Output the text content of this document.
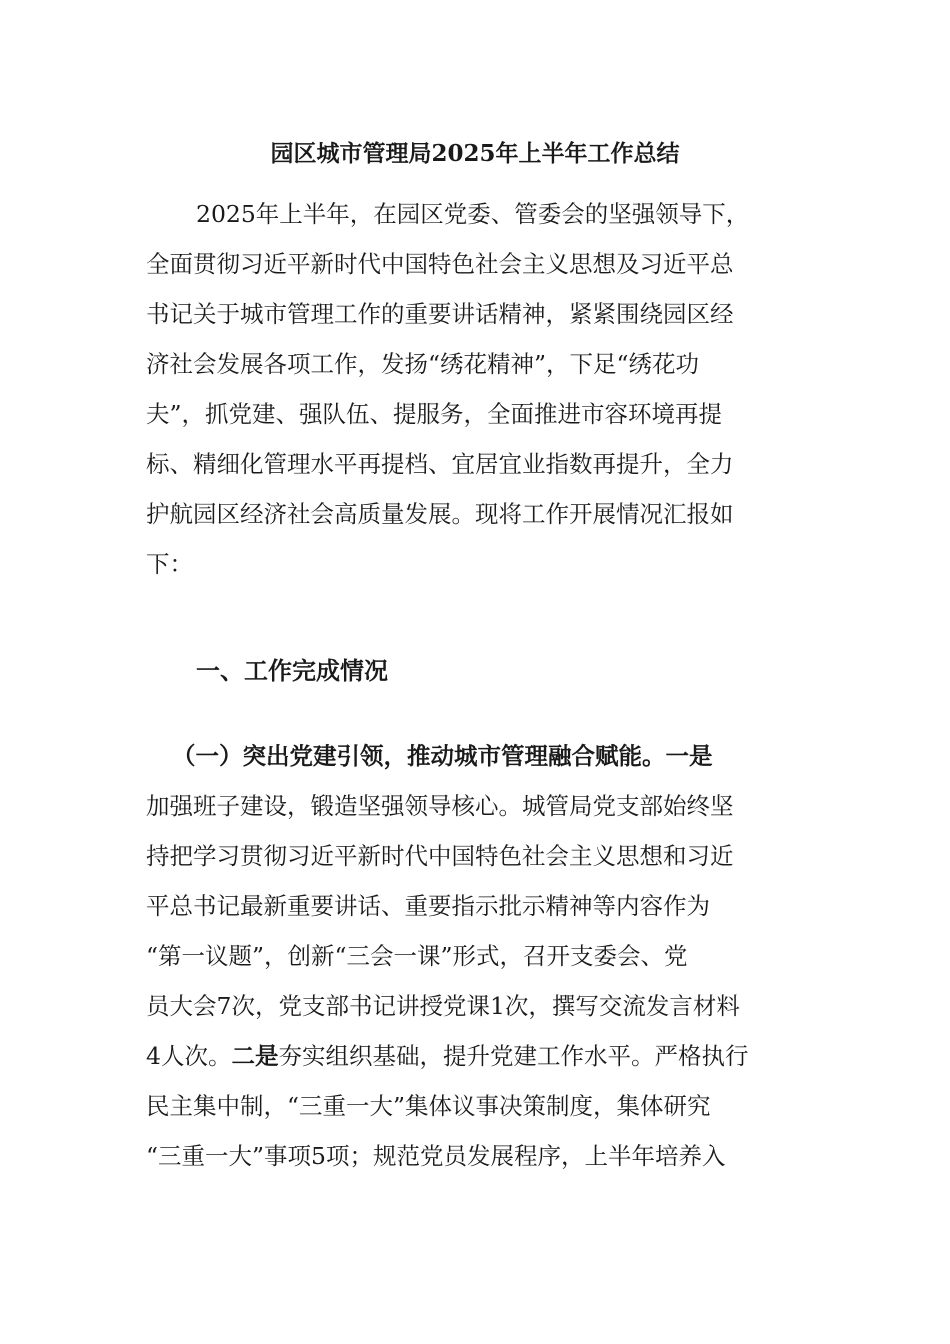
园区城市管理局2025年上半年工作总结
2025年上半年，在园区党委、管委会的坚强领导下，
全面贯彻习近平新时代中国特色社会主义思想及习近平总
书记关于城市管理工作的重要讲话精神，紧紧围绕园区经
济社会发展各项工作，发扬“绣花精神”，下足“绣花功
夫”，抓党建、强队伍、提服务，全面推进市容环境再提
标、精细化管理水平再提档、宜居宜业指数再提升，全力
护航园区经济社会高质量发展。现将工作开展情况汇报如
下：
一、工作完成情况
（一）突出党建引领，推动城市管理融合赋能。一是
加强班子建设，锻造坚强领导核心。城管局党支部始终坚
持把学习贯彻习近平新时代中国特色社会主义思想和习近
平总书记最新重要讲话、重要指示批示精神等内容作为
“第一议题”，创新“三会一课”形式，召开支委会、党
员大会7次，党支部书记讲授党课1次，撰写交流发言材料
4人次。二是夯实组织基础，提升党建工作水平。严格执行
民主集中制，“三重一大”集体议事决策制度，集体研究
“三重一大”事项5项；规范党员发展程序，上半年培养入
